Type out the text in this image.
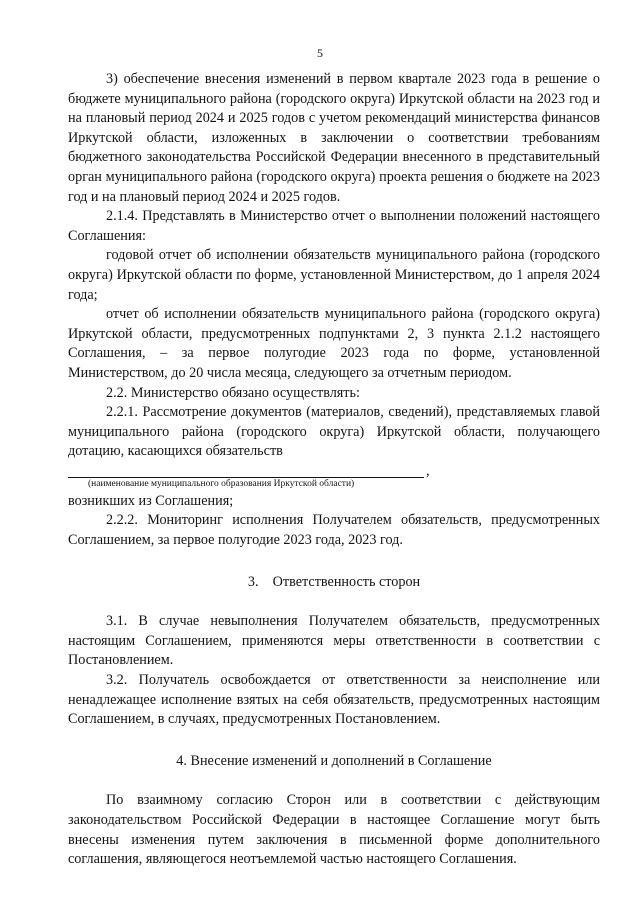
5

3) обеспечение внесения изменений в первом квартале 2023 года в решение о бюджете муниципального района (городского округа) Иркутской области на 2023 год и на плановый период 2024 и 2025 годов с учетом рекомендаций министерства финансов Иркутской области, изложенных в заключении о соответствии требованиям бюджетного законодательства Российской Федерации внесенного в представительный орган муниципального района (городского округа) проекта решения о бюджете на 2023 год и на плановый период 2024 и 2025 годов.

2.1.4. Представлять в Министерство отчет о выполнении положений настоящего Соглашения:

годовой отчет об исполнении обязательств муниципального района (городского округа) Иркутской области по форме, установленной Министерством, до 1 апреля 2024 года;

отчет об исполнении обязательств муниципального района (городского округа) Иркутской области, предусмотренных подпунктами 2, 3 пункта 2.1.2 настоящего Соглашения, – за первое полугодие 2023 года по форме, установленной Министерством, до 20 числа месяца, следующего за отчетным периодом.

2.2. Министерство обязано осуществлять:

2.2.1. Рассмотрение документов (материалов, сведений), представляемых главой муниципального района (городского округа) Иркутской области, получающего дотацию, касающихся обязательств

,
(наименование муниципального образования Иркутской области)

возникших из Соглашения;

2.2.2. Мониторинг исполнения Получателем обязательств, предусмотренных Соглашением, за первое полугодие 2023 года, 2023 год.

3.    Ответственность сторон

3.1. В случае невыполнения Получателем обязательств, предусмотренных настоящим Соглашением, применяются меры ответственности в соответствии с Постановлением.

3.2. Получатель освобождается от ответственности за неисполнение или ненадлежащее исполнение взятых на себя обязательств, предусмотренных настоящим Соглашением, в случаях, предусмотренных Постановлением.

4. Внесение изменений и дополнений в Соглашение

По взаимному согласию Сторон или в соответствии с действующим законодательством Российской Федерации в настоящее Соглашение могут быть внесены изменения путем заключения в письменной форме дополнительного соглашения, являющегося неотъемлемой частью настоящего Соглашения.
